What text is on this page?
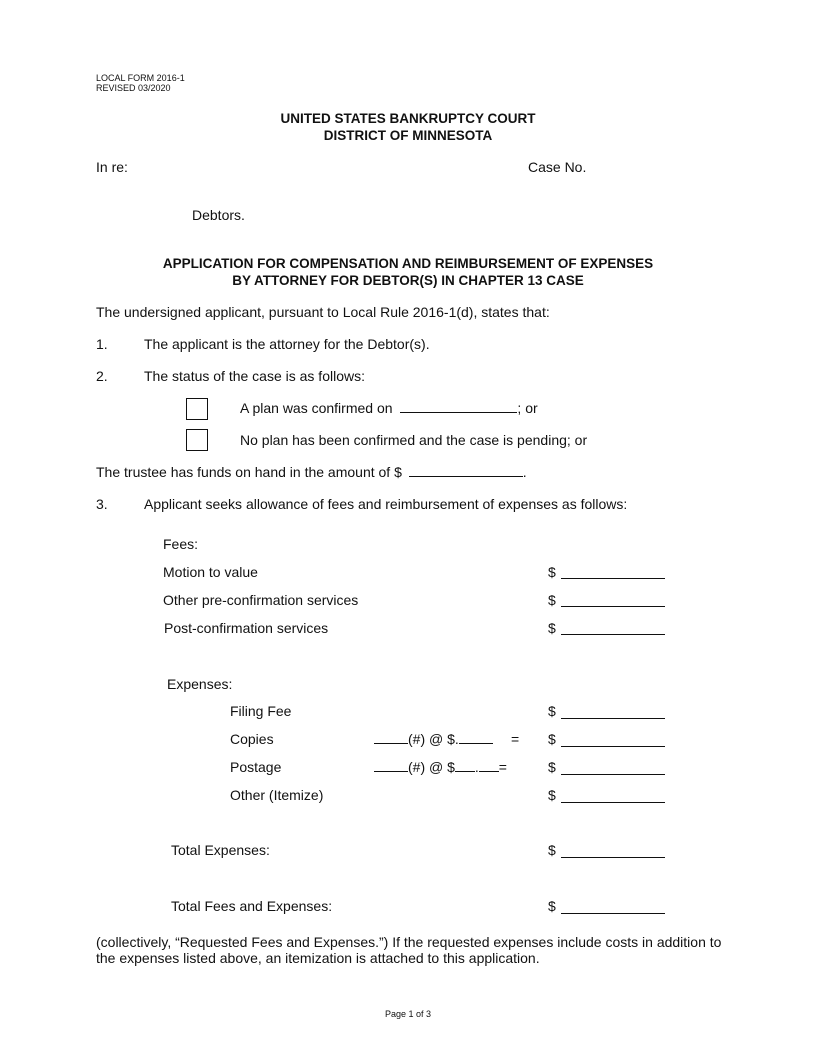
LOCAL FORM 2016-1
REVISED 03/2020
UNITED STATES BANKRUPTCY COURT
DISTRICT OF MINNESOTA
In re:	Case No.
Debtors.
APPLICATION FOR COMPENSATION AND REIMBURSEMENT OF EXPENSES
BY ATTORNEY FOR DEBTOR(S) IN CHAPTER 13 CASE
The undersigned applicant, pursuant to Local Rule 2016-1(d), states that:
1.	The applicant is the attorney for the Debtor(s).
2.	The status of the case is as follows:
A plan was confirmed on	; or
No plan has been confirmed and the case is pending; or
The trustee has funds on hand in the amount of $	.
3.	Applicant seeks allowance of fees and reimbursement of expenses as follows:
Fees:
Motion to value	$
Other pre-confirmation services	$
Post-confirmation services	$
Expenses:
Filing Fee	$
Copies	(#) @ $.	= $
Postage	(#) @ $ . =	$
Other (Itemize)	$
Total Expenses:	$
Total Fees and Expenses:	$
(collectively, “Requested Fees and Expenses.”) If the requested expenses include costs in addition to
the expenses listed above, an itemization is attached to this application.
Page 1 of 3
